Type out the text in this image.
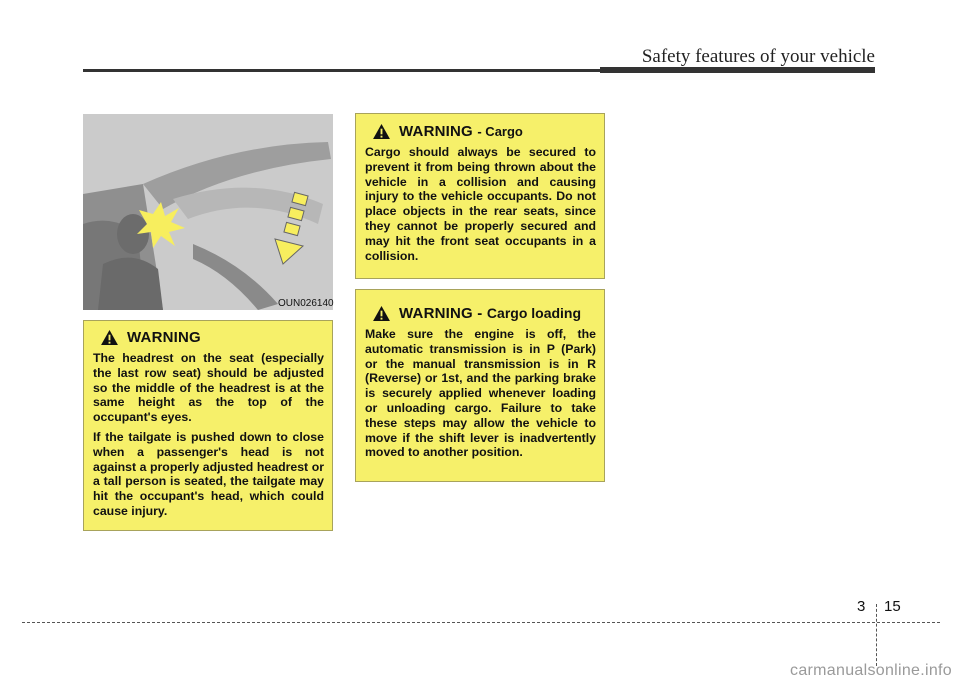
Safety features of your vehicle
OUN026140
WARNING

The headrest on the seat (especially the last row seat) should be adjusted so the middle of the headrest is at the same height as the top of the occupant's eyes.

If the tailgate is pushed down to close when a passenger's head is not against a properly adjusted headrest or a tall person is seated, the tailgate may hit the occupant's head, which could cause injury.

WARNING
- Cargo

Cargo should always be secured to prevent it from being thrown about the vehicle in a collision and causing injury to the vehicle occupants. Do not place objects in the rear seats, since they cannot be properly secured and may hit the front seat occupants in a collision.

WARNING -
Cargo loading

Make sure the engine is off, the automatic transmission is in P (Park) or the manual transmission is in R (Reverse) or 1st, and the parking brake is securely applied whenever loading or unloading cargo. Failure to take these steps may allow the vehicle to move if the shift lever is inadvertently moved to another position.

3 15
carmanualsonline.info
